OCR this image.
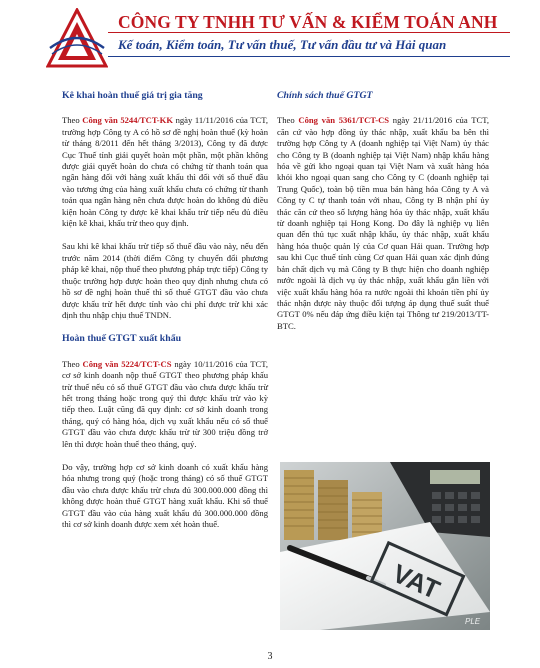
CÔNG TY TNHH TƯ VẤN & KIỂM TOÁN ANH
Kế toán, Kiểm toán, Tư vấn thuế, Tư vấn đầu tư và Hải quan
Kê khai hoàn thuế giá trị gia tăng

Theo Công văn 5244/TCT-KK ngày 11/11/2016 của TCT, trường hợp Công ty A có hồ sơ đề nghị hoàn thuế (kỳ hoàn từ tháng 8/2011 đến hết tháng 3/2013), Công ty đã được Cục Thuế tỉnh giải quyết hoàn một phần, một phần không được giải quyết hoàn do chưa có chứng từ thanh toán qua ngân hàng đối với hàng xuất khẩu thì đối với số thuế đầu vào tương ứng của hàng xuất khẩu chưa có chứng từ thanh toán qua ngân hàng nên chưa được hoàn do không đủ điều kiện hoàn Công ty được kê khai khấu trừ tiếp nếu đủ điều kiện kê khai, khấu trừ theo quy định.

Sau khi kê khai khấu trừ tiếp số thuế đầu vào này, nếu đến trước năm 2014 (thời điểm Công ty chuyển đổi phương pháp kê khai, nộp thuế theo phương pháp trực tiếp) Công ty thuộc trường hợp được hoàn theo quy định nhưng chưa có hồ sơ đề nghị hoàn thuế thì số thuế GTGT đầu vào chưa được khấu trừ hết được tính vào chi phí được trừ khi xác định thu nhập chịu thuế TNDN.

Hoàn thuế GTGT xuất khẩu

Theo Công văn 5224/TCT-CS ngày 10/11/2016 của TCT, cơ sở kinh doanh nộp thuế GTGT theo phương pháp khấu trừ thuế nếu có số thuế GTGT đầu vào chưa được khấu trừ hết trong tháng hoặc trong quý thì được khấu trừ vào kỳ tiếp theo. Luật cũng đã quy định: cơ sở kinh doanh trong tháng, quý có hàng hóa, dịch vụ xuất khẩu nếu có số thuế GTGT đầu vào chưa được khấu trừ từ 300 triệu đồng trở lên thì được hoàn thuế theo tháng, quý.

Do vậy, trường hợp cơ sở kinh doanh có xuất khẩu hàng hóa nhưng trong quý (hoặc trong tháng) có số thuế GTGT đầu vào chưa được khấu trừ chưa đủ 300.000.000 đồng thì không được hoàn thuế GTGT hàng xuất khẩu. Khi số thuế GTGT đầu vào của hàng xuất khẩu đủ 300.000.000 đồng thì cơ sở kinh doanh được xem xét hoàn thuế.

Chính sách thuế GTGT

Theo Công văn 5361/TCT-CS ngày 21/11/2016 của TCT, căn cứ vào hợp đồng ủy thác nhập, xuất khẩu ba bên thì trường hợp Công ty A (doanh nghiệp tại Việt Nam) ủy thác cho Công ty B (doanh nghiệp tại Việt Nam) nhập khẩu hàng hóa về gửi kho ngoại quan tại Việt Nam và xuất hàng hóa khỏi kho ngoại quan sang cho Công ty C (doanh nghiệp tại Trung Quốc), toàn bộ tiền mua bán hàng hóa Công ty A và Công ty C tự thanh toán với nhau, Công ty B nhận phí ủy thác căn cứ theo số lượng hàng hóa ủy thác nhập, xuất khẩu từ doanh nghiệp tại Hong Kong. Do đây là nghiệp vụ liên quan đến thủ tục xuất nhập khẩu, ủy thác nhập, xuất khẩu hàng hóa thuộc quản lý của Cơ quan Hải quan. Trường hợp sau khi Cục thuế tỉnh cùng Cơ quan Hải quan xác định đúng bản chất dịch vụ mà Công ty B thực hiện cho doanh nghiệp nước ngoài là dịch vụ ủy thác nhập, xuất khẩu gắn liền với việc xuất khẩu hàng hóa ra nước ngoài thì khoản tiền phí ủy thác nhận được này thuộc đối tượng áp dụng thuế suất thuế GTGT 0% nếu đáp ứng điều kiện tại Thông tư 219/2013/TT-BTC.

VAT
PLE
3
